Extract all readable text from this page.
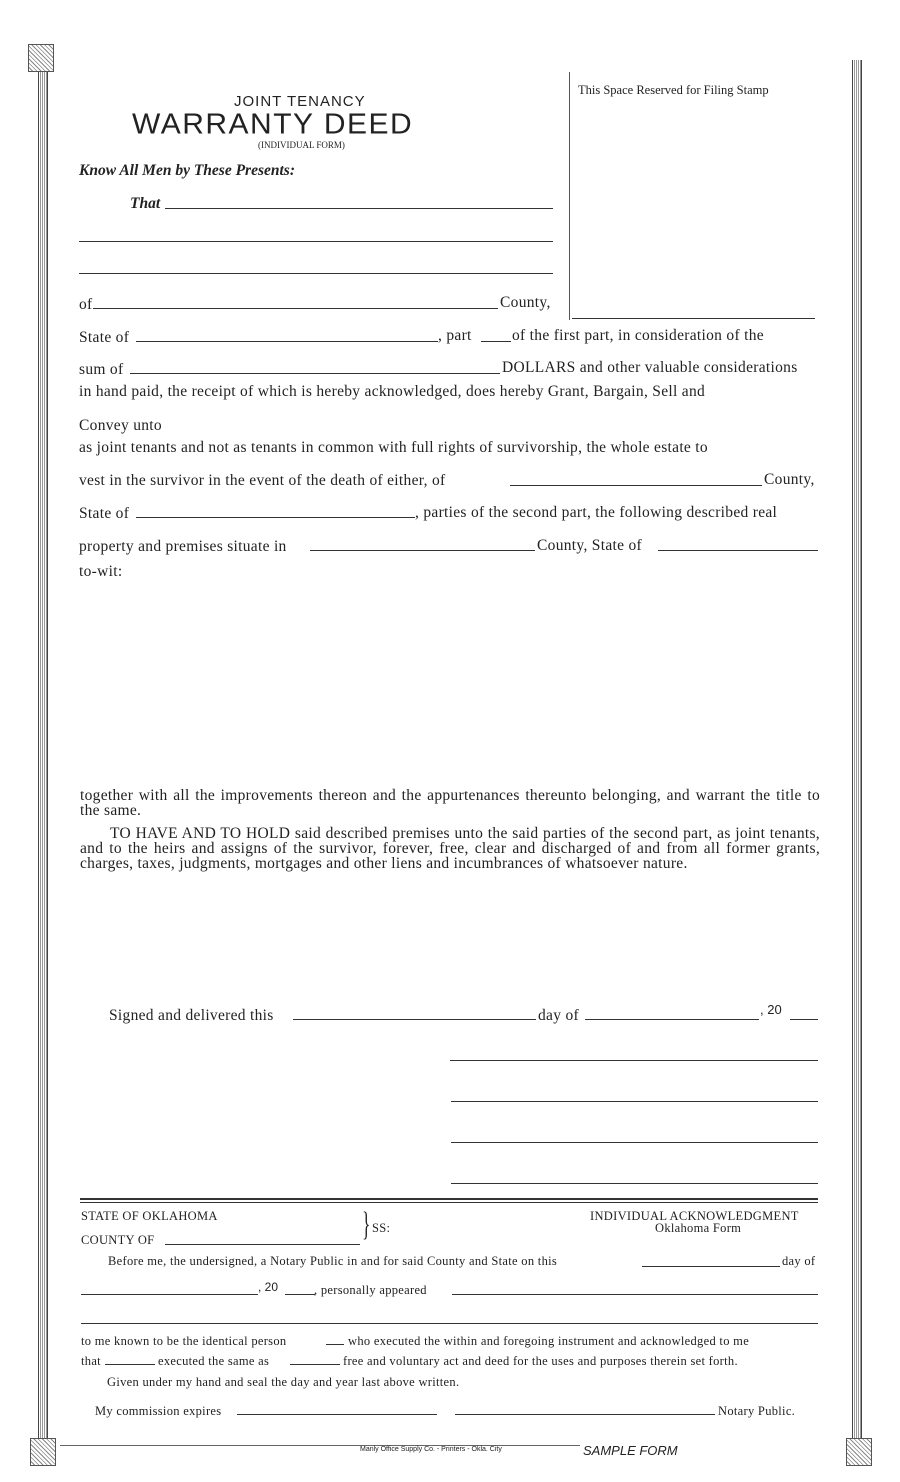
JOINT TENANCY
WARRANTY DEED
(INDIVIDUAL FORM)
This Space Reserved for Filing Stamp
Know All Men by These Presents:
That
of	County,
State of	, part	of the first part, in consideration of the
sum of	DOLLARS and other valuable considerations
in hand paid, the receipt of which is hereby acknowledged, does hereby Grant, Bargain, Sell and
Convey unto
as joint tenants and not as tenants in common with full rights of survivorship, the whole estate to
vest in the survivor in the event of the death of either, of	County,
State of	, parties of the second part, the following described real
property and premises situate in	County, State of
to-wit:
together with all the improvements thereon and the appurtenances thereunto belonging, and warrant the title to the same.
TO HAVE AND TO HOLD said described premises unto the said parties of the second part, as joint tenants, and to the heirs and assigns of the survivor, forever, free, clear and discharged of and from all former grants, charges, taxes, judgments, mortgages and other liens and incumbrances of whatsoever nature.
Signed and delivered this	day of	, 20
STATE OF OKLAHOMA
COUNTY OF	} SS:
INDIVIDUAL ACKNOWLEDGMENT
Oklahoma Form
Before me, the undersigned, a Notary Public in and for said County and State on this	day of
, 20	, personally appeared
to me known to be the identical person	who executed the within and foregoing instrument and acknowledged to me
that	executed the same as	free and voluntary act and deed for the uses and purposes therein set forth.
Given under my hand and seal the day and year last above written.
My commission expires	Notary Public.
Manly Office Supply Co. - Printers - Okla. City	SAMPLE FORM
